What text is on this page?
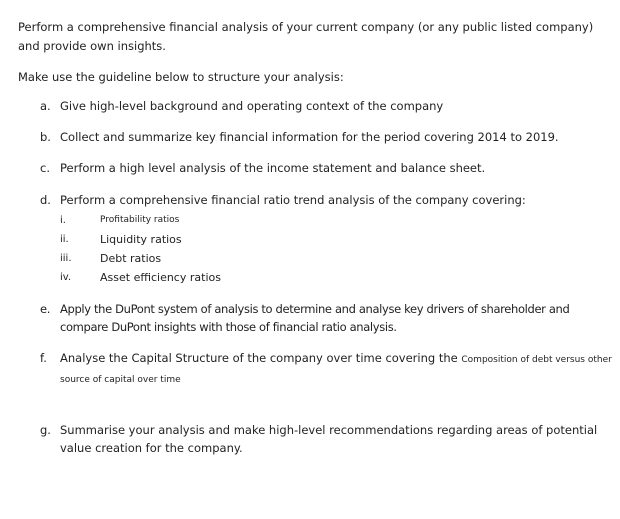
Perform a comprehensive financial analysis of your current company (or any public listed company) and provide own insights.

Make use the guideline below to structure your analysis:

a. Give high-level background and operating context of the company
b. Collect and summarize key financial information for the period covering 2014 to 2019.
c. Perform a high level analysis of the income statement and balance sheet.
d. Perform a comprehensive financial ratio trend analysis of the company covering:
i.	Profitability ratios
ii.	Liquidity ratios
iii.	Debt ratios
iv.	Asset efficiency ratios
e. Apply the DuPont system of analysis to determine and analyse key drivers of shareholder and compare DuPont insights with those of financial ratio analysis.
f. Analyse the Capital Structure of the company over time covering the Composition of debt versus other source of capital over time
g. Summarise your analysis and make high-level recommendations regarding areas of potential value creation for the company.
